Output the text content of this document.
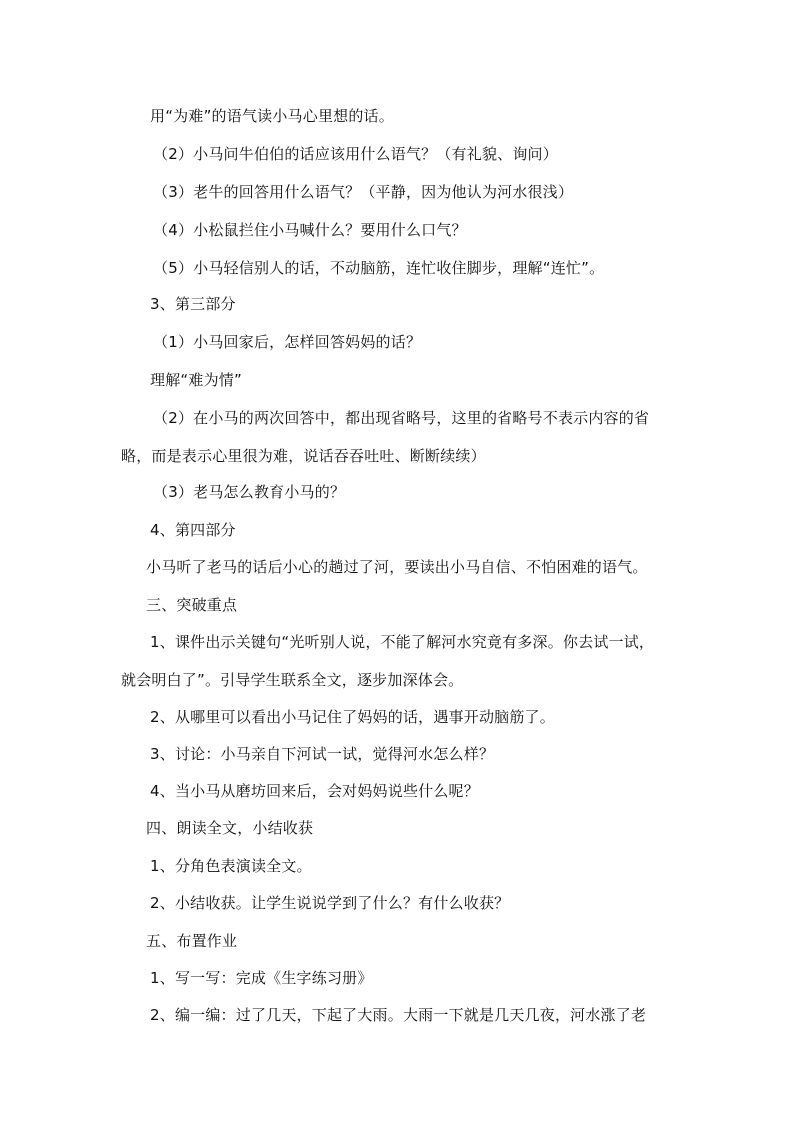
用“为难”的语气读小马心里想的话。
（2）小马问牛伯伯的话应该用什么语气？（有礼貌、询问）
（3）老牛的回答用什么语气？（平静，因为他认为河水很浅）
（4）小松鼠拦住小马喊什么？要用什么口气？
（5）小马轻信别人的话，不动脑筋，连忙收住脚步，理解“连忙”。
3、第三部分
（1）小马回家后，怎样回答妈妈的话？
理解“难为情”
（2）在小马的两次回答中，都出现省略号，这里的省略号不表示内容的省
略，而是表示心里很为难，说话吞吞吐吐、断断续续）
（3）老马怎么教育小马的？
4、第四部分
小马听了老马的话后小心的趟过了河，要读出小马自信、不怕困难的语气。
三、突破重点
1、课件出示关键句“光听别人说，不能了解河水究竟有多深。你去试一试，
就会明白了”。引导学生联系全文，逐步加深体会。
2、从哪里可以看出小马记住了妈妈的话，遇事开动脑筋了。
3、讨论：小马亲自下河试一试，觉得河水怎么样？
4、当小马从磨坊回来后，会对妈妈说些什么呢？
四、朗读全文，小结收获
1、分角色表演读全文。
2、小结收获。让学生说说学到了什么？有什么收获？
五、布置作业
1、写一写：完成《生字练习册》
2、编一编：过了几天，下起了大雨。大雨一下就是几天几夜，河水涨了老
